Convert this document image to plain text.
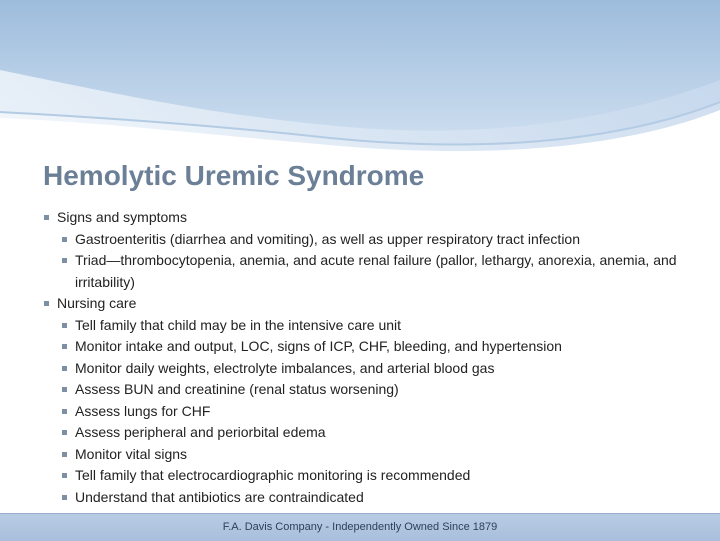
Hemolytic Uremic Syndrome
Signs and symptoms
Gastroenteritis (diarrhea and vomiting), as well as upper respiratory tract infection
Triad—thrombocytopenia, anemia, and acute renal failure (pallor, lethargy, anorexia, anemia, and irritability)
Nursing care
Tell family that child may be in the intensive care unit
Monitor intake and output, LOC, signs of ICP, CHF, bleeding, and hypertension
Monitor daily weights, electrolyte imbalances, and arterial blood gas
Assess BUN and creatinine (renal status worsening)
Assess lungs for CHF
Assess peripheral and periorbital edema
Monitor vital signs
Tell family that electrocardiographic monitoring is recommended
Understand that antibiotics are contraindicated
F.A. Davis Company - Independently Owned Since 1879
